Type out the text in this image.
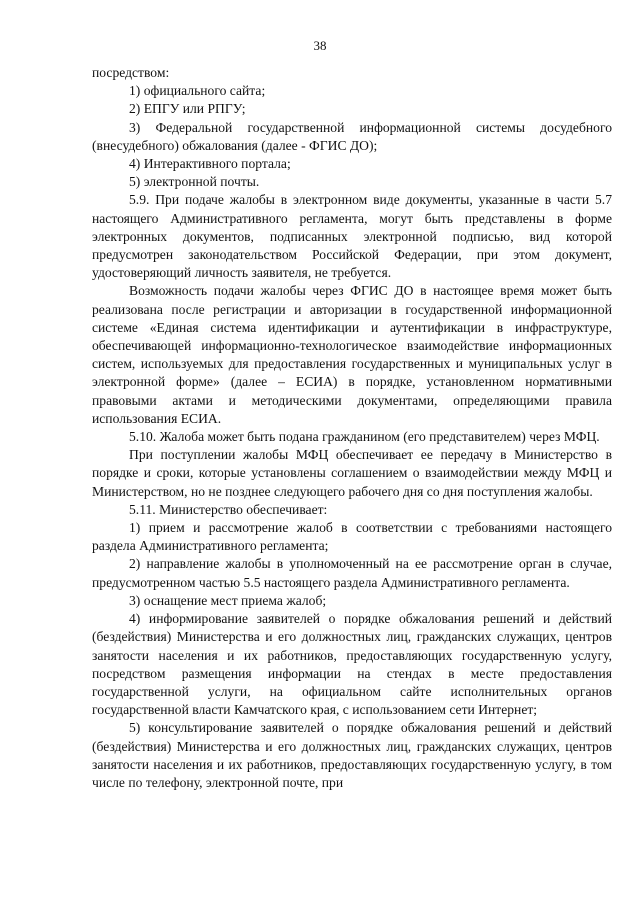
38

посредством:

1) официального сайта;

2) ЕПГУ или РПГУ;

3) Федеральной государственной информационной системы досудебного (внесудебного) обжалования (далее - ФГИС ДО);

4) Интерактивного портала;

5) электронной почты.

5.9. При подаче жалобы в электронном виде документы, указанные в части 5.7 настоящего Административного регламента, могут быть представлены в форме электронных документов, подписанных электронной подписью, вид которой предусмотрен законодательством Российской Федерации, при этом документ, удостоверяющий личность заявителя, не требуется.

Возможность подачи жалобы через ФГИС ДО в настоящее время может быть реализована после регистрации и авторизации в государственной информационной системе «Единая система идентификации и аутентификации в инфраструктуре, обеспечивающей информационно-технологическое взаимодействие информационных систем, используемых для предоставления государственных и муниципальных услуг в электронной форме» (далее – ЕСИА) в порядке, установленном нормативными правовыми актами и методическими документами, определяющими правила использования ЕСИА.

5.10. Жалоба может быть подана гражданином (его представителем) через МФЦ.

При поступлении жалобы МФЦ обеспечивает ее передачу в Министерство в порядке и сроки, которые установлены соглашением о взаимодействии между МФЦ и Министерством, но не позднее следующего рабочего дня со дня поступления жалобы.

5.11. Министерство обеспечивает:

1) прием и рассмотрение жалоб в соответствии с требованиями настоящего раздела Административного регламента;

2) направление жалобы в уполномоченный на ее рассмотрение орган в случае, предусмотренном частью 5.5 настоящего раздела Административного регламента.

3) оснащение мест приема жалоб;

4) информирование заявителей о порядке обжалования решений и действий (бездействия) Министерства и его должностных лиц, гражданских служащих, центров занятости населения и их работников, предоставляющих государственную услугу, посредством размещения информации на стендах в месте предоставления государственной услуги, на официальном сайте исполнительных органов государственной власти Камчатского края, с использованием сети Интернет;

5) консультирование заявителей о порядке обжалования решений и действий (бездействия) Министерства и его должностных лиц, гражданских служащих, центров занятости населения и их работников, предоставляющих государственную услугу, в том числе по телефону, электронной почте, при
